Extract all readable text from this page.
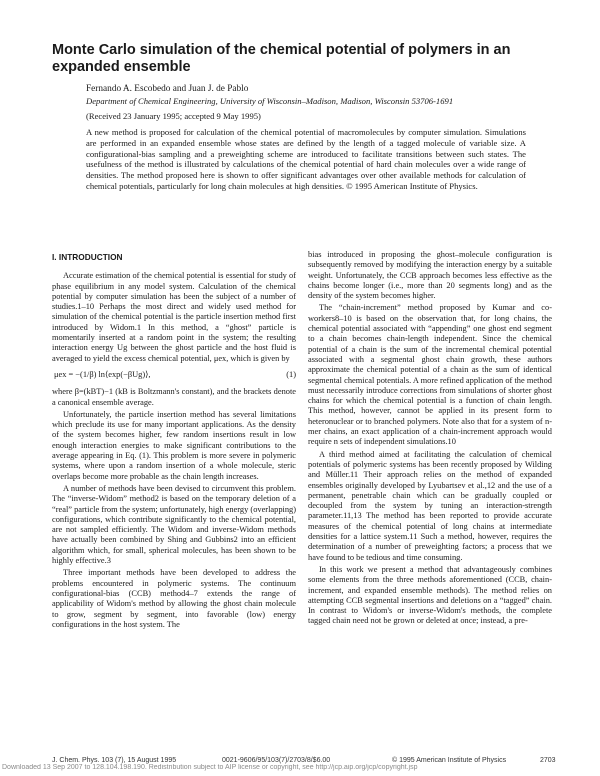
Monte Carlo simulation of the chemical potential of polymers in an expanded ensemble
Fernando A. Escobedo and Juan J. de Pablo
Department of Chemical Engineering, University of Wisconsin–Madison, Madison, Wisconsin 53706-1691
(Received 23 January 1995; accepted 9 May 1995)

A new method is proposed for calculation of the chemical potential of macromolecules by computer simulation. Simulations are performed in an expanded ensemble whose states are defined by the length of a tagged molecule of variable size. A configurational-bias sampling and a preweighting scheme are introduced to facilitate transitions between such states. The usefulness of the method is illustrated by calculations of the chemical potential of hard chain molecules over a wide range of densities. The method proposed here is shown to offer significant advantages over other available methods for calculation of chemical potentials, particularly for long chain molecules at high densities. © 1995 American Institute of Physics.

I. INTRODUCTION

Accurate estimation of the chemical potential is essential for study of phase equilibrium in any model system. Calculation of the chemical potential by computer simulation has been the subject of a number of studies.1–10 Perhaps the most direct and widely used method for simulation of the chemical potential is the particle insertion method first introduced by Widom.1 In this method, a “ghost” particle is momentarily inserted at a random point in the system; the resulting interaction energy Ug between the ghost particle and the host fluid is averaged to yield the excess chemical potential, μex, which is given by

μex = −(1/β) ln⟨exp(−βUg)⟩,	(1)

where β=(kBT)−1 (kB is Boltzmann's constant), and the brackets denote a canonical ensemble average.

Unfortunately, the particle insertion method has several limitations which preclude its use for many important applications. As the density of the system becomes higher, few random insertions result in low enough interaction energies to make significant contributions to the average appearing in Eq. (1). This problem is more severe in polymeric systems, where upon a random insertion of a whole molecule, steric overlaps become more probable as the chain length increases.

A number of methods have been devised to circumvent this problem. The “inverse-Widom” method2 is based on the temporary deletion of a “real” particle from the system; unfortunately, high energy (overlapping) configurations, which contribute significantly to the chemical potential, are not sampled efficiently. The Widom and inverse-Widom methods have actually been combined by Shing and Gubbins2 into an efficient algorithm which, for small, spherical molecules, has been shown to be highly effective.3

Three important methods have been developed to address the problems encountered in polymeric systems. The continuum configurational-bias (CCB) method4–7 extends the range of applicability of Widom's method by allowing the ghost chain molecule to grow, segment by segment, into favorable (low) energy configurations in the host system. The

bias introduced in proposing the ghost–molecule configuration is subsequently removed by modifying the interaction energy by a suitable weight. Unfortunately, the CCB approach becomes less effective as the chains become longer (i.e., more than 20 segments long) and as the density of the system becomes higher.

The “chain-increment” method proposed by Kumar and co-workers8–10 is based on the observation that, for long chains, the chemical potential associated with “appending” one ghost end segment to a chain becomes chain-length independent. Since the chemical potential of a chain is the sum of the incremental chemical potential associated with a segmental ghost chain growth, these authors approximate the chemical potential of a chain as the sum of identical segmental chemical potentials. A more refined application of the method must necessarily introduce corrections from simulations of shorter ghost chains for which the chemical potential is a function of chain length. This method, however, cannot be applied in its present form to heteronuclear or to branched polymers. Note also that for a system of n-mer chains, an exact application of a chain-increment approach would require n sets of independent simulations.10

A third method aimed at facilitating the calculation of chemical potentials of polymeric systems has been recently proposed by Wilding and Müller.11 Their approach relies on the method of expanded ensembles originally developed by Lyubartsev et al.,12 and the use of a permanent, penetrable chain which can be gradually coupled or decoupled from the system by tuning an interaction-strength parameter.11,13 The method has been reported to provide accurate measures of the chemical potential of long chains at intermediate densities for a lattice system.11 Such a method, however, requires the determination of a number of preweighting factors; a process that we have found to be tedious and time consuming.

In this work we present a method that advantageously combines some elements from the three methods aforementioned (CCB, chain-increment, and expanded ensemble methods). The method relies on attempting CCB segmental insertions and deletions on a “tagged” chain. In contrast to Widom's or inverse-Widom's methods, the complete tagged chain need not be grown or deleted at once; instead, a pre-

J. Chem. Phys. 103 (7), 15 August 1995	0021-9606/95/103(7)/2703/8/$6.00	© 1995 American Institute of Physics	2703
Downloaded 13 Sep 2007 to 128.104.198.190. Redistribution subject to AIP license or copyright, see http://jcp.aip.org/jcp/copyright.jsp
